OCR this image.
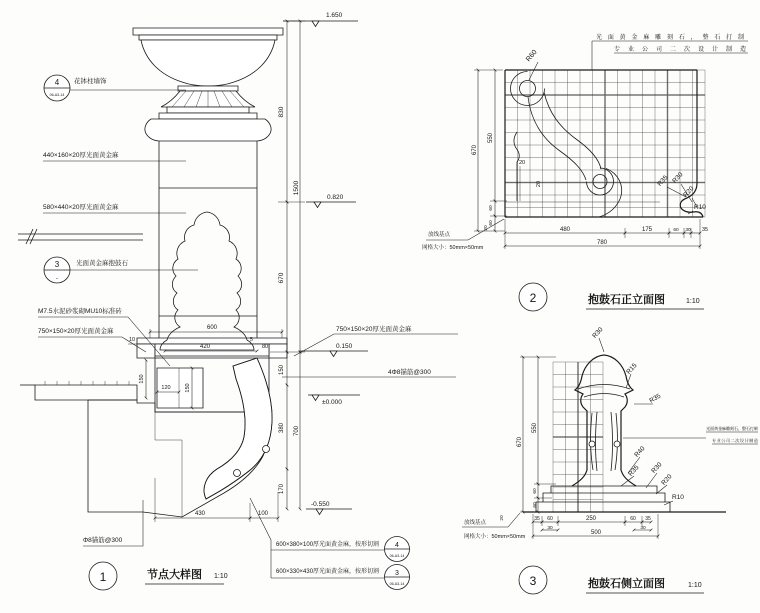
830
1500
670
150
380
170
700
600
420
10	5
80
120	150
150
430	100
1.650
0.820
0.150
±0.000
-0.550
4
06-A3-14
花钵柱墙饰
440×160×20厚光面黄金麻
580×440×20厚光面黄金麻
3
-
光面黄金麻抱鼓石
M7.5水泥砂浆砌MU10标准砖
750×150×20厚光面黄金麻	750×150×20厚光面黄金麻
4Φ8锚筋@300
Φ8锚筋@300
600×380×100厚光面黄金麻，按形切割
600×330×430厚光面黄金麻，按形切割
4
06-A3-14
3
06-A3-14
1	节点大样图 1:10
光面黄金麻雕刻石，整石打制
专业公司二次设计制造
R60
R35 R30
R20
R10
670
550
60
60
20
20
20
480	175	60 30 35
780
放线基点
网格大小：50mm×50mm
2	抱鼓石正立面图	1:10
光面黄金麻雕刻石，整石打制
专业公司二次设计制造
R30
R15
R35
R40
R35 R30
R20
R10
670
550
60
60
20	35 60	250	60 35
30	30
500
放线基点
网格大小：50mm×50mm
3	抱鼓石侧立面图	1:10
